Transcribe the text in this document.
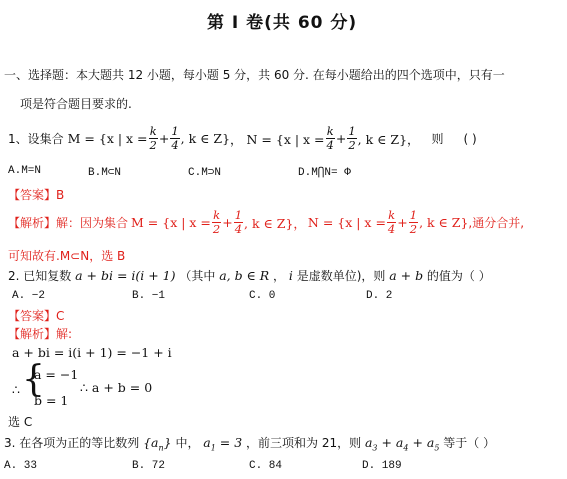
第 I 卷(共 60 分)
一、选择题：本大题共 12 小题，每小题 5 分，共 60 分. 在每小题给出的四个选项中，只有一
项是符合题目要求的.
1、设集合 M = {x | $x = \frac{k}{2} + \frac{1}{4}$ , k ∈ Z} ， N = {x | $x = \frac{k}{4} + \frac{1}{2}$ , k ∈ Z}， 则 ( )
A.M=N	B.M⊂N	C.M⊃N	D.M⋂N= Φ
【答案】B
【解析】解：因为集合 M = {x | $x = \frac{k}{2} + \frac{1}{4}$ , k ∈ Z}， N = {x | $x = \frac{k}{4} + \frac{1}{2}$ , k ∈ Z} ,通分合并,
可知故有.M⊂N，选 B
2. 已知复数 a + bi = i(i + 1) （其中 a, b ∈ R ， i 是虚数单位)，则 a + b 的值为（ ）
A. −2	B. −1	C. 0	D. 2
【答案】C
【解析】解:
a + bi = i(i + 1) = −1 + i
∴ {
a = −1
b = 1
∴ a + b = 0
选 C
3. 在各项为正的等比数列 $\{a_n\}$ 中， $a_1 = 3$ ，前三项和为 21，则 $a_3 + a_4 + a_5$ 等于（ ）
A. 33	B. 72	C. 84	D. 189
